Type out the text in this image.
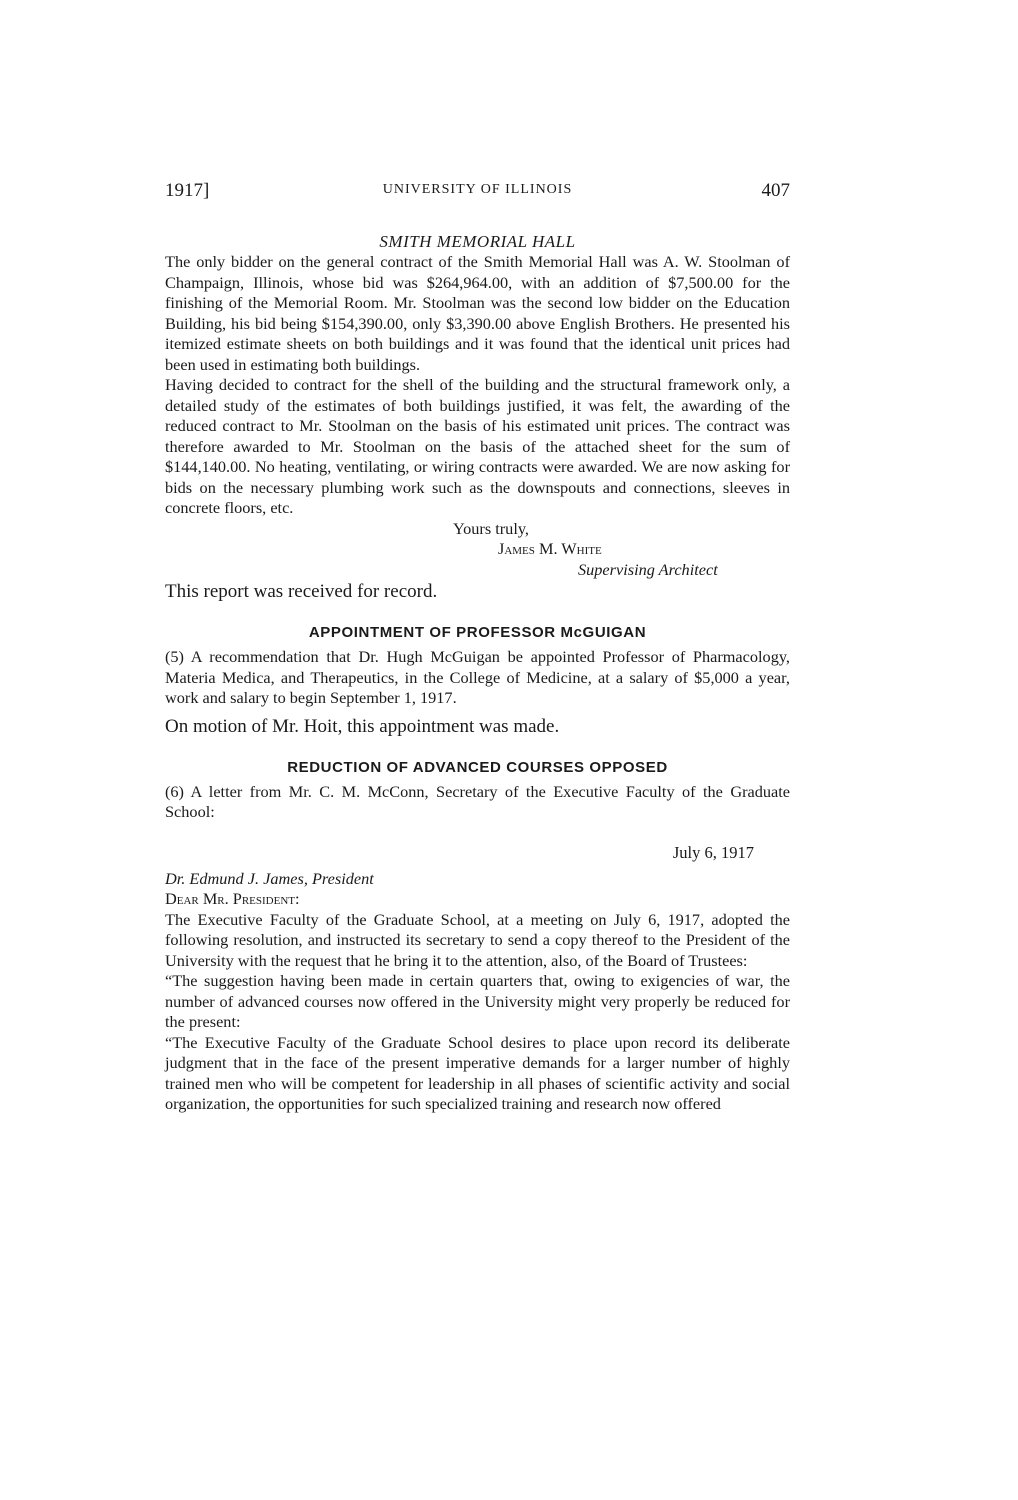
1917]	UNIVERSITY OF ILLINOIS	407
SMITH MEMORIAL HALL

The only bidder on the general contract of the Smith Memorial Hall was A. W. Stoolman of Champaign, Illinois, whose bid was $264,964.00, with an addition of $7,500.00 for the finishing of the Memorial Room. Mr. Stoolman was the second low bidder on the Education Building, his bid being $154,390.00, only $3,390.00 above English Brothers. He presented his itemized estimate sheets on both buildings and it was found that the identical unit prices had been used in estimating both buildings.

Having decided to contract for the shell of the building and the structural framework only, a detailed study of the estimates of both buildings justified, it was felt, the awarding of the reduced contract to Mr. Stoolman on the basis of his estimated unit prices. The contract was therefore awarded to Mr. Stoolman on the basis of the attached sheet for the sum of $144,140.00. No heating, ventilating, or wiring contracts were awarded. We are now asking for bids on the necessary plumbing work such as the downspouts and connections, sleeves in concrete floors, etc.

Yours truly,
James M. White
Supervising Architect
This report was received for record.
APPOINTMENT OF PROFESSOR McGUIGAN

(5) A recommendation that Dr. Hugh McGuigan be appointed Professor of Pharmacology, Materia Medica, and Therapeutics, in the College of Medicine, at a salary of $5,000 a year, work and salary to begin September 1, 1917.

On motion of Mr. Hoit, this appointment was made.
REDUCTION OF ADVANCED COURSES OPPOSED

(6) A letter from Mr. C. M. McConn, Secretary of the Executive Faculty of the Graduate School:

July 6, 1917
Dr. Edmund J. James, President
Dear Mr. President:

The Executive Faculty of the Graduate School, at a meeting on July 6, 1917, adopted the following resolution, and instructed its secretary to send a copy thereof to the President of the University with the request that he bring it to the attention, also, of the Board of Trustees:

“The suggestion having been made in certain quarters that, owing to exigencies of war, the number of advanced courses now offered in the University might very properly be reduced for the present:

“The Executive Faculty of the Graduate School desires to place upon record its deliberate judgment that in the face of the present imperative demands for a larger number of highly trained men who will be competent for leadership in all phases of scientific activity and social organization, the opportunities for such specialized training and research now offered
